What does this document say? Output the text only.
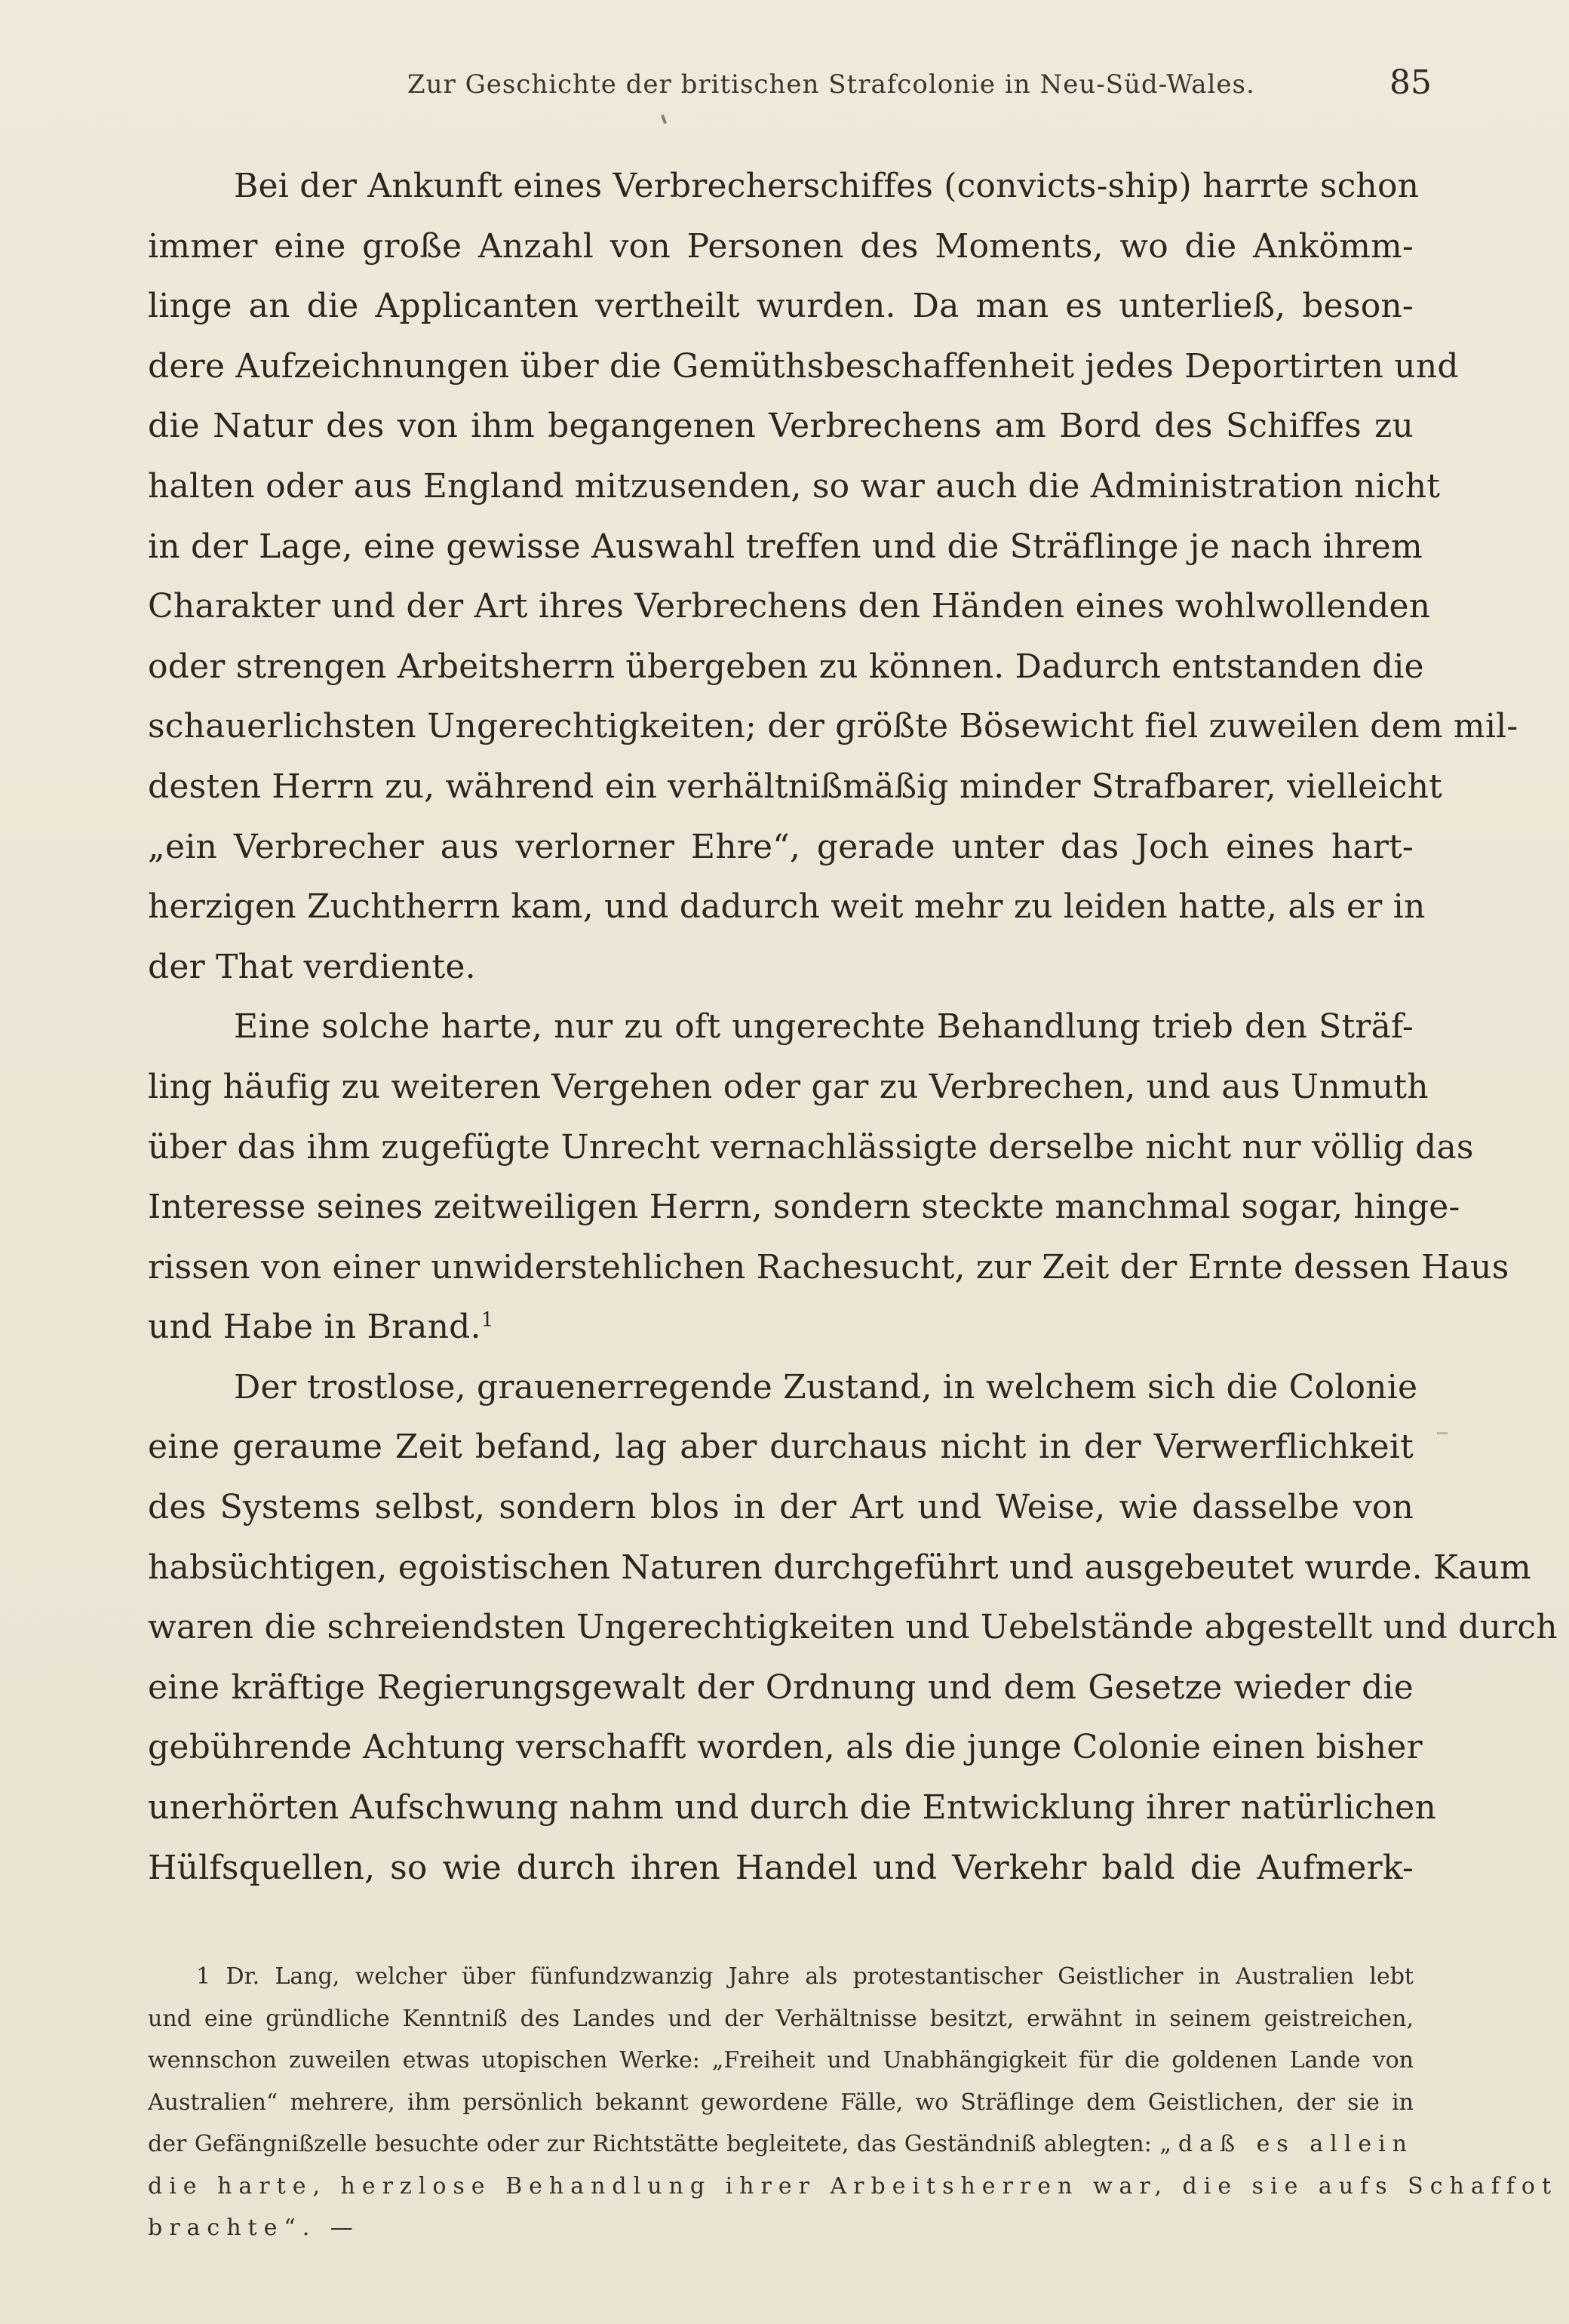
Zur Geschichte der britischen Strafcolonie in Neu-Süd-Wales.	85
Bei der Ankunft eines Verbrecherschiffes (convicts-ship) harrte schon
immer eine große Anzahl von Personen des Moments, wo die Ankömm-
linge an die Applicanten vertheilt wurden. Da man es unterließ, beson-
dere Aufzeichnungen über die Gemüthsbeschaffenheit jedes Deportirten und
die Natur des von ihm begangenen Verbrechens am Bord des Schiffes zu
halten oder aus England mitzusenden, so war auch die Administration nicht
in der Lage, eine gewisse Auswahl treffen und die Sträflinge je nach ihrem
Charakter und der Art ihres Verbrechens den Händen eines wohlwollenden
oder strengen Arbeitsherrn übergeben zu können. Dadurch entstanden die
schauerlichsten Ungerechtigkeiten; der größte Bösewicht fiel zuweilen dem mil-
desten Herrn zu, während ein verhältnißmäßig minder Strafbarer, vielleicht
„ein Verbrecher aus verlorner Ehre“, gerade unter das Joch eines hart-
herzigen Zuchtherrn kam, und dadurch weit mehr zu leiden hatte, als er in
der That verdiente.
Eine solche harte, nur zu oft ungerechte Behandlung trieb den Sträf-
ling häufig zu weiteren Vergehen oder gar zu Verbrechen, und aus Unmuth
über das ihm zugefügte Unrecht vernachlässigte derselbe nicht nur völlig das
Interesse seines zeitweiligen Herrn, sondern steckte manchmal sogar, hinge-
rissen von einer unwiderstehlichen Rachesucht, zur Zeit der Ernte dessen Haus
und Habe in Brand.$^1$
Der trostlose, grauenerregende Zustand, in welchem sich die Colonie
eine geraume Zeit befand, lag aber durchaus nicht in der Verwerflichkeit
des Systems selbst, sondern blos in der Art und Weise, wie dasselbe von
habsüchtigen, egoistischen Naturen durchgeführt und ausgebeutet wurde. Kaum
waren die schreiendsten Ungerechtigkeiten und Uebelstände abgestellt und durch
eine kräftige Regierungsgewalt der Ordnung und dem Gesetze wieder die
gebührende Achtung verschafft worden, als die junge Colonie einen bisher
unerhörten Aufschwung nahm und durch die Entwicklung ihrer natürlichen
Hülfsquellen, so wie durch ihren Handel und Verkehr bald die Aufmerk-
1 Dr. Lang, welcher über fünfundzwanzig Jahre als protestantischer Geistlicher in Australien lebt
und eine gründliche Kenntniß des Landes und der Verhältnisse besitzt, erwähnt in seinem geistreichen,
wennschon zuweilen etwas utopischen Werke: „Freiheit und Unabhängigkeit für die goldenen Lande von
Australien“ mehrere, ihm persönlich bekannt gewordene Fälle, wo Sträflinge dem Geistlichen, der sie in
der Gefängnißzelle besuchte oder zur Richtstätte begleitete, das Geständniß ablegten: „daß es allein
die harte, herzlose Behandlung ihrer Arbeitsherren war, die sie aufs Schaffot
brachte“. —
